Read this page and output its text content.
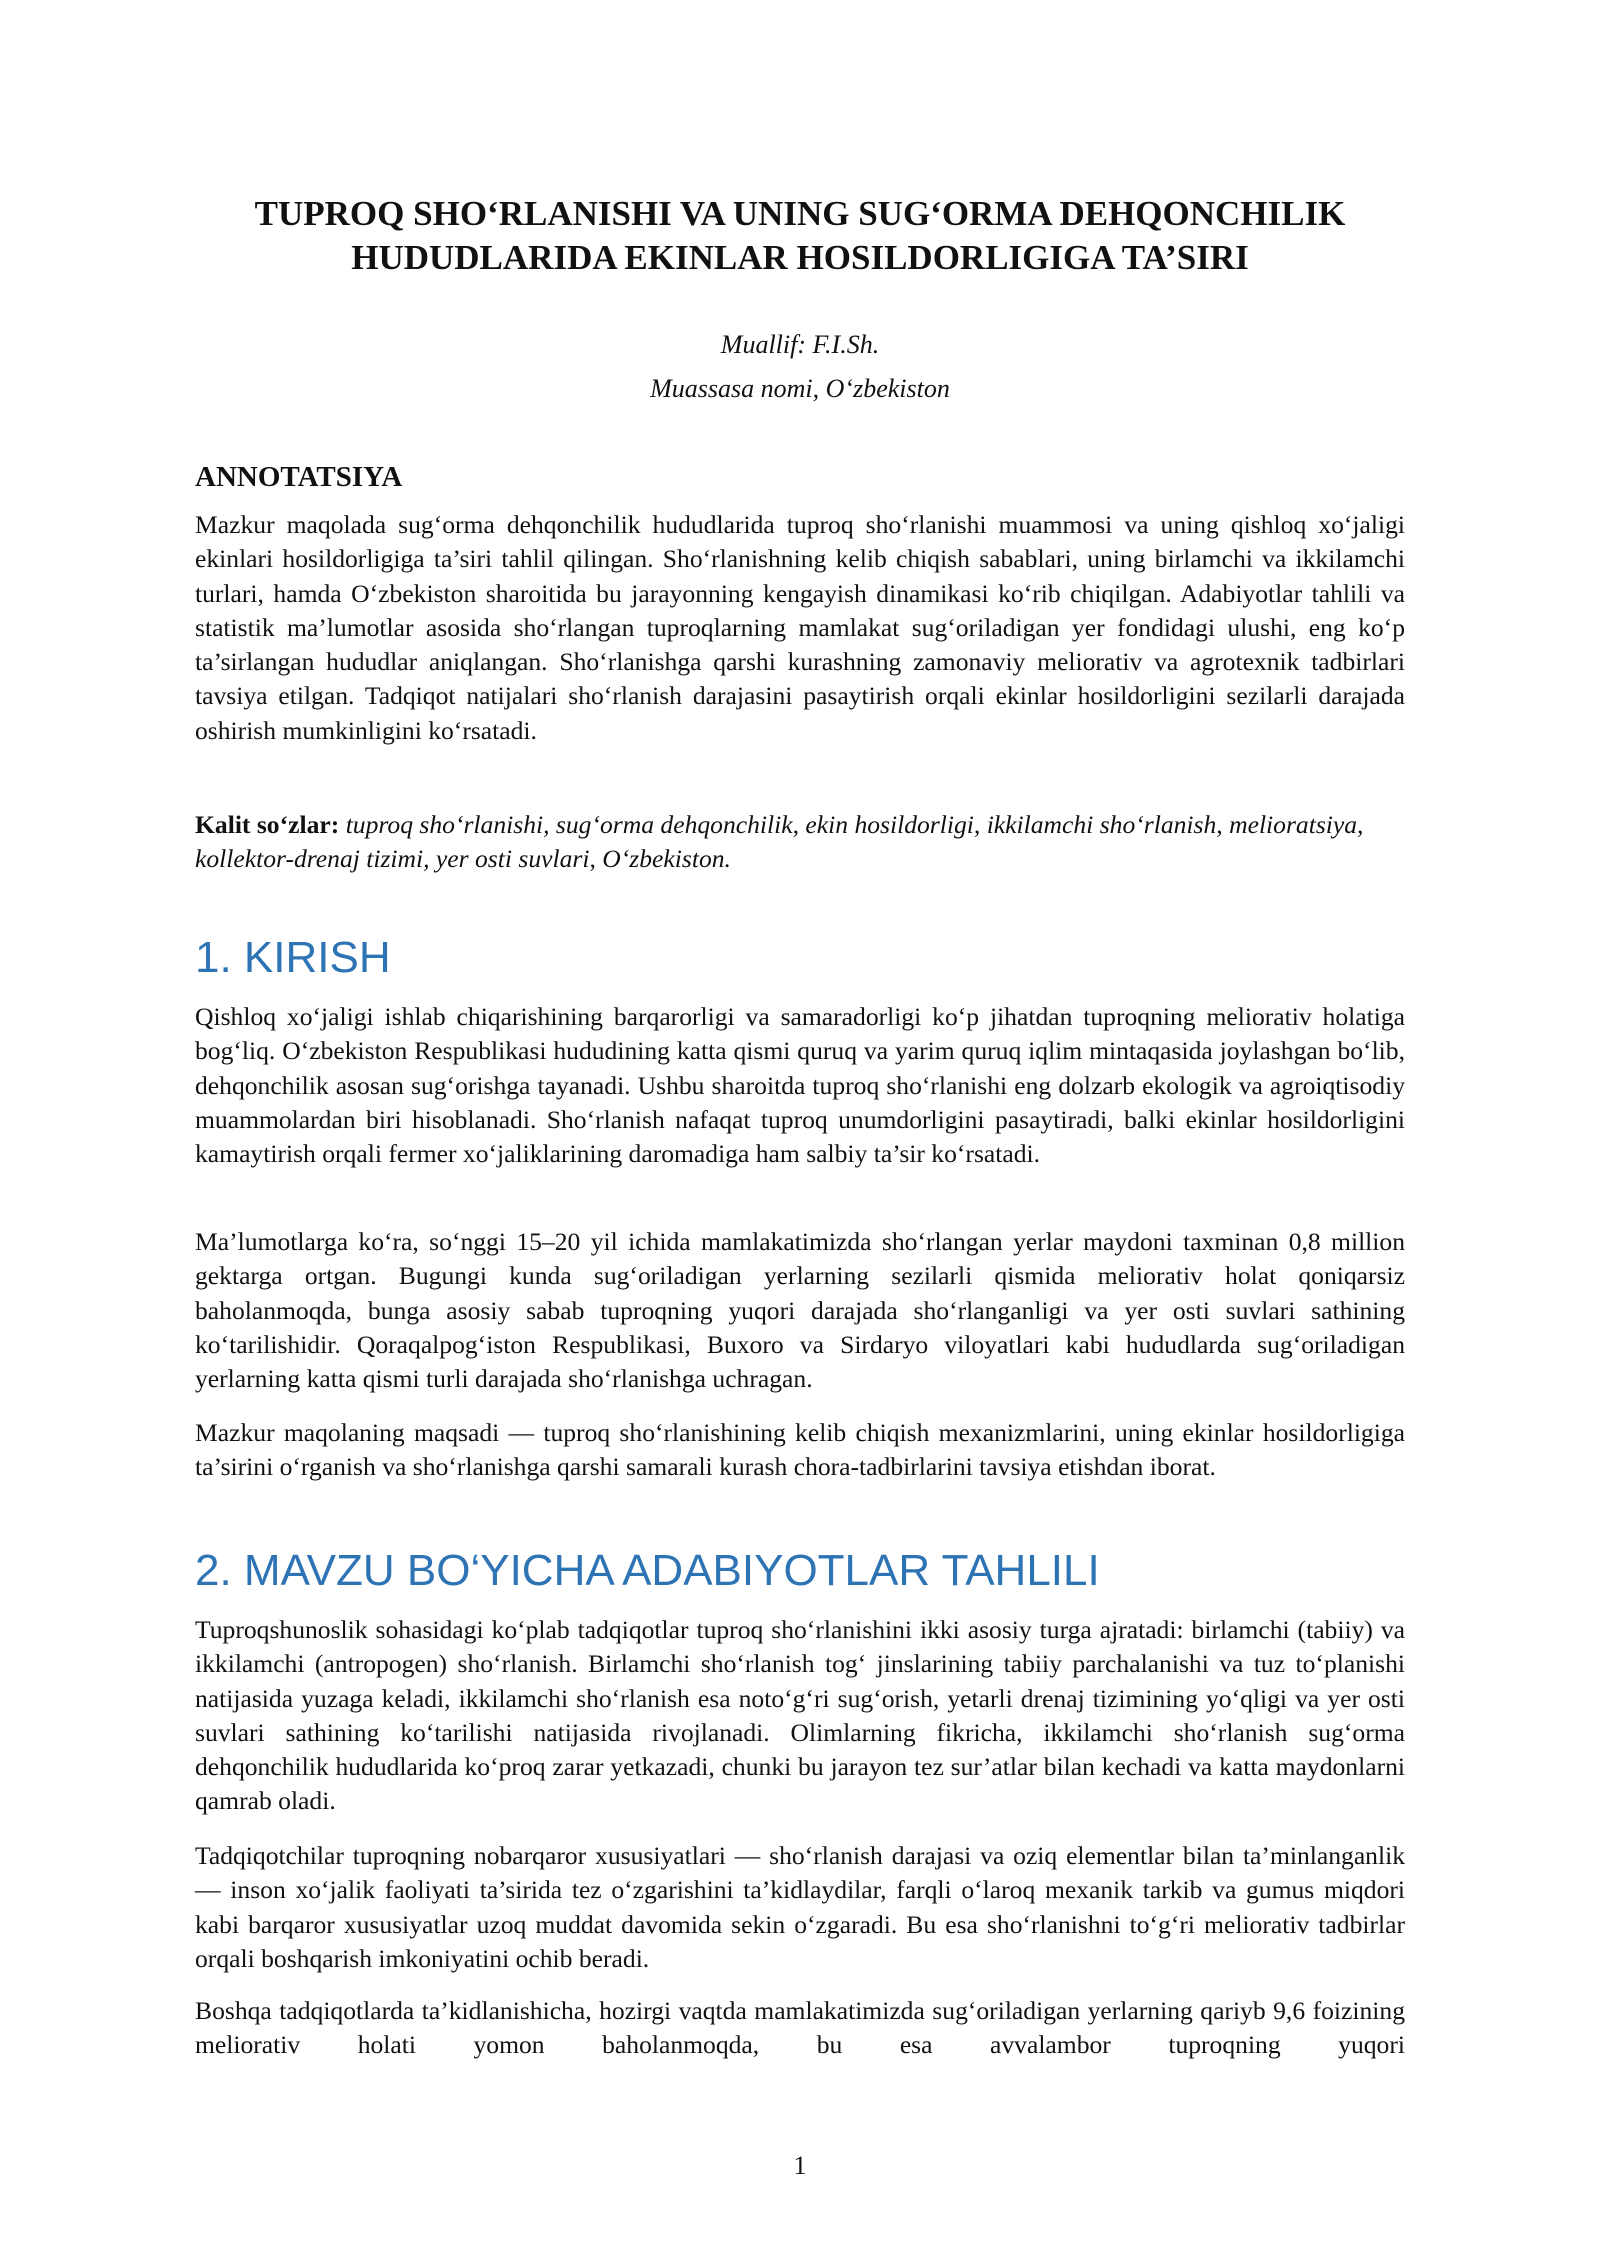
TUPROQ SHO‘RLANISHI VA UNING SUG‘ORMA DEHQONCHILIK
HUDUDLARIDA EKINLAR HOSILDORLIGIGA TA’SIRI
Muallif: F.I.Sh.
Muassasa nomi, O‘zbekiston
ANNOTATSIYA

Mazkur maqolada sug‘orma dehqonchilik hududlarida tuproq sho‘rlanishi muammosi va uning qishloq xo‘jaligi ekinlari hosildorligiga ta’siri tahlil qilingan. Sho‘rlanishning kelib chiqish sabablari, uning birlamchi va ikkilamchi turlari, hamda O‘zbekiston sharoitida bu jarayonning kengayish dinamikasi ko‘rib chiqilgan. Adabiyotlar tahlili va statistik ma’lumotlar asosida sho‘rlangan tuproqlarning mamlakat sug‘oriladigan yer fondidagi ulushi, eng ko‘p ta’sirlangan hududlar aniqlangan. Sho‘rlanishga qarshi kurashning zamonaviy meliorativ va agrotexnik tadbirlari tavsiya etilgan. Tadqiqot natijalari sho‘rlanish darajasini pasaytirish orqali ekinlar hosildorligini sezilarli darajada oshirish mumkinligini ko‘rsatadi.

Kalit so‘zlar: tuproq sho‘rlanishi, sug‘orma dehqonchilik, ekin hosildorligi, ikkilamchi sho‘rlanish, melioratsiya, kollektor-drenaj tizimi, yer osti suvlari, O‘zbekiston.

1. KIRISH

Qishloq xo‘jaligi ishlab chiqarishining barqarorligi va samaradorligi ko‘p jihatdan tuproqning meliorativ holatiga bog‘liq. O‘zbekiston Respublikasi hududining katta qismi quruq va yarim quruq iqlim mintaqasida joylashgan bo‘lib, dehqonchilik asosan sug‘orishga tayanadi. Ushbu sharoitda tuproq sho‘rlanishi eng dolzarb ekologik va agroiqtisodiy muammolardan biri hisoblanadi. Sho‘rlanish nafaqat tuproq unumdorligini pasaytiradi, balki ekinlar hosildorligini kamaytirish orqali fermer xo‘jaliklarining daromadiga ham salbiy ta’sir ko‘rsatadi.

Ma’lumotlarga ko‘ra, so‘nggi 15–20 yil ichida mamlakatimizda sho‘rlangan yerlar maydoni taxminan 0,8 million gektarga ortgan. Bugungi kunda sug‘oriladigan yerlarning sezilarli qismida meliorativ holat qoniqarsiz baholanmoqda, bunga asosiy sabab tuproqning yuqori darajada sho‘rlanganligi va yer osti suvlari sathining ko‘tarilishidir. Qoraqalpog‘iston Respublikasi, Buxoro va Sirdaryo viloyatlari kabi hududlarda sug‘oriladigan yerlarning katta qismi turli darajada sho‘rlanishga uchragan.

Mazkur maqolaning maqsadi — tuproq sho‘rlanishining kelib chiqish mexanizmlarini, uning ekinlar hosildorligiga ta’sirini o‘rganish va sho‘rlanishga qarshi samarali kurash chora-tadbirlarini tavsiya etishdan iborat.

2. MAVZU BO‘YICHA ADABIYOTLAR TAHLILI

Tuproqshunoslik sohasidagi ko‘plab tadqiqotlar tuproq sho‘rlanishini ikki asosiy turga ajratadi: birlamchi (tabiiy) va ikkilamchi (antropogen) sho‘rlanish. Birlamchi sho‘rlanish tog‘ jinslarining tabiiy parchalanishi va tuz to‘planishi natijasida yuzaga keladi, ikkilamchi sho‘rlanish esa noto‘g‘ri sug‘orish, yetarli drenaj tizimining yo‘qligi va yer osti suvlari sathining ko‘tarilishi natijasida rivojlanadi. Olimlarning fikricha, ikkilamchi sho‘rlanish sug‘orma dehqonchilik hududlarida ko‘proq zarar yetkazadi, chunki bu jarayon tez sur’atlar bilan kechadi va katta maydonlarni qamrab oladi.

Tadqiqotchilar tuproqning nobarqaror xususiyatlari — sho‘rlanish darajasi va oziq elementlar bilan ta’minlanganlik — inson xo‘jalik faoliyati ta’sirida tez o‘zgarishini ta’kidlaydilar, farqli o‘laroq mexanik tarkib va gumus miqdori kabi barqaror xususiyatlar uzoq muddat davomida sekin o‘zgaradi. Bu esa sho‘rlanishni to‘g‘ri meliorativ tadbirlar orqali boshqarish imkoniyatini ochib beradi.

Boshqa tadqiqotlarda ta’kidlanishicha, hozirgi vaqtda mamlakatimizda sug‘oriladigan yerlarning qariyb 9,6 foizining meliorativ holati yomon baholanmoqda, bu esa avvalambor tuproqning yuqori

1
